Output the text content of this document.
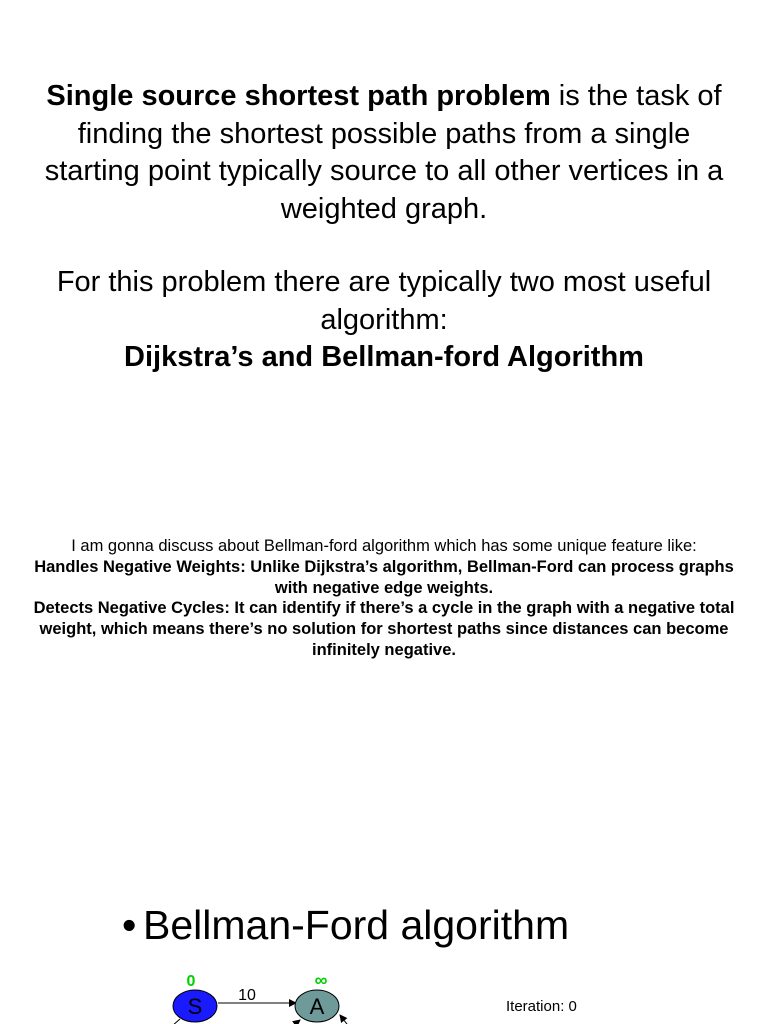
Single source shortest path problem is the task of finding the shortest possible paths from a single starting point typically source to all other vertices in a weighted graph.

For this problem there are typically two most useful algorithm:

Dijkstra’s and Bellman-ford Algorithm

I am gonna discuss about Bellman-ford algorithm which has some unique feature like:

Handles Negative Weights: Unlike Dijkstra’s algorithm, Bellman-Ford can process graphs with negative edge weights.

Detects Negative Cycles: It can identify if there’s a cycle in the graph with a negative total weight, which means there’s no solution for shortest paths since distances can become infinitely negative.

• Bellman-Ford algorithm
0	∞
10
S	A	Iteration: 0
